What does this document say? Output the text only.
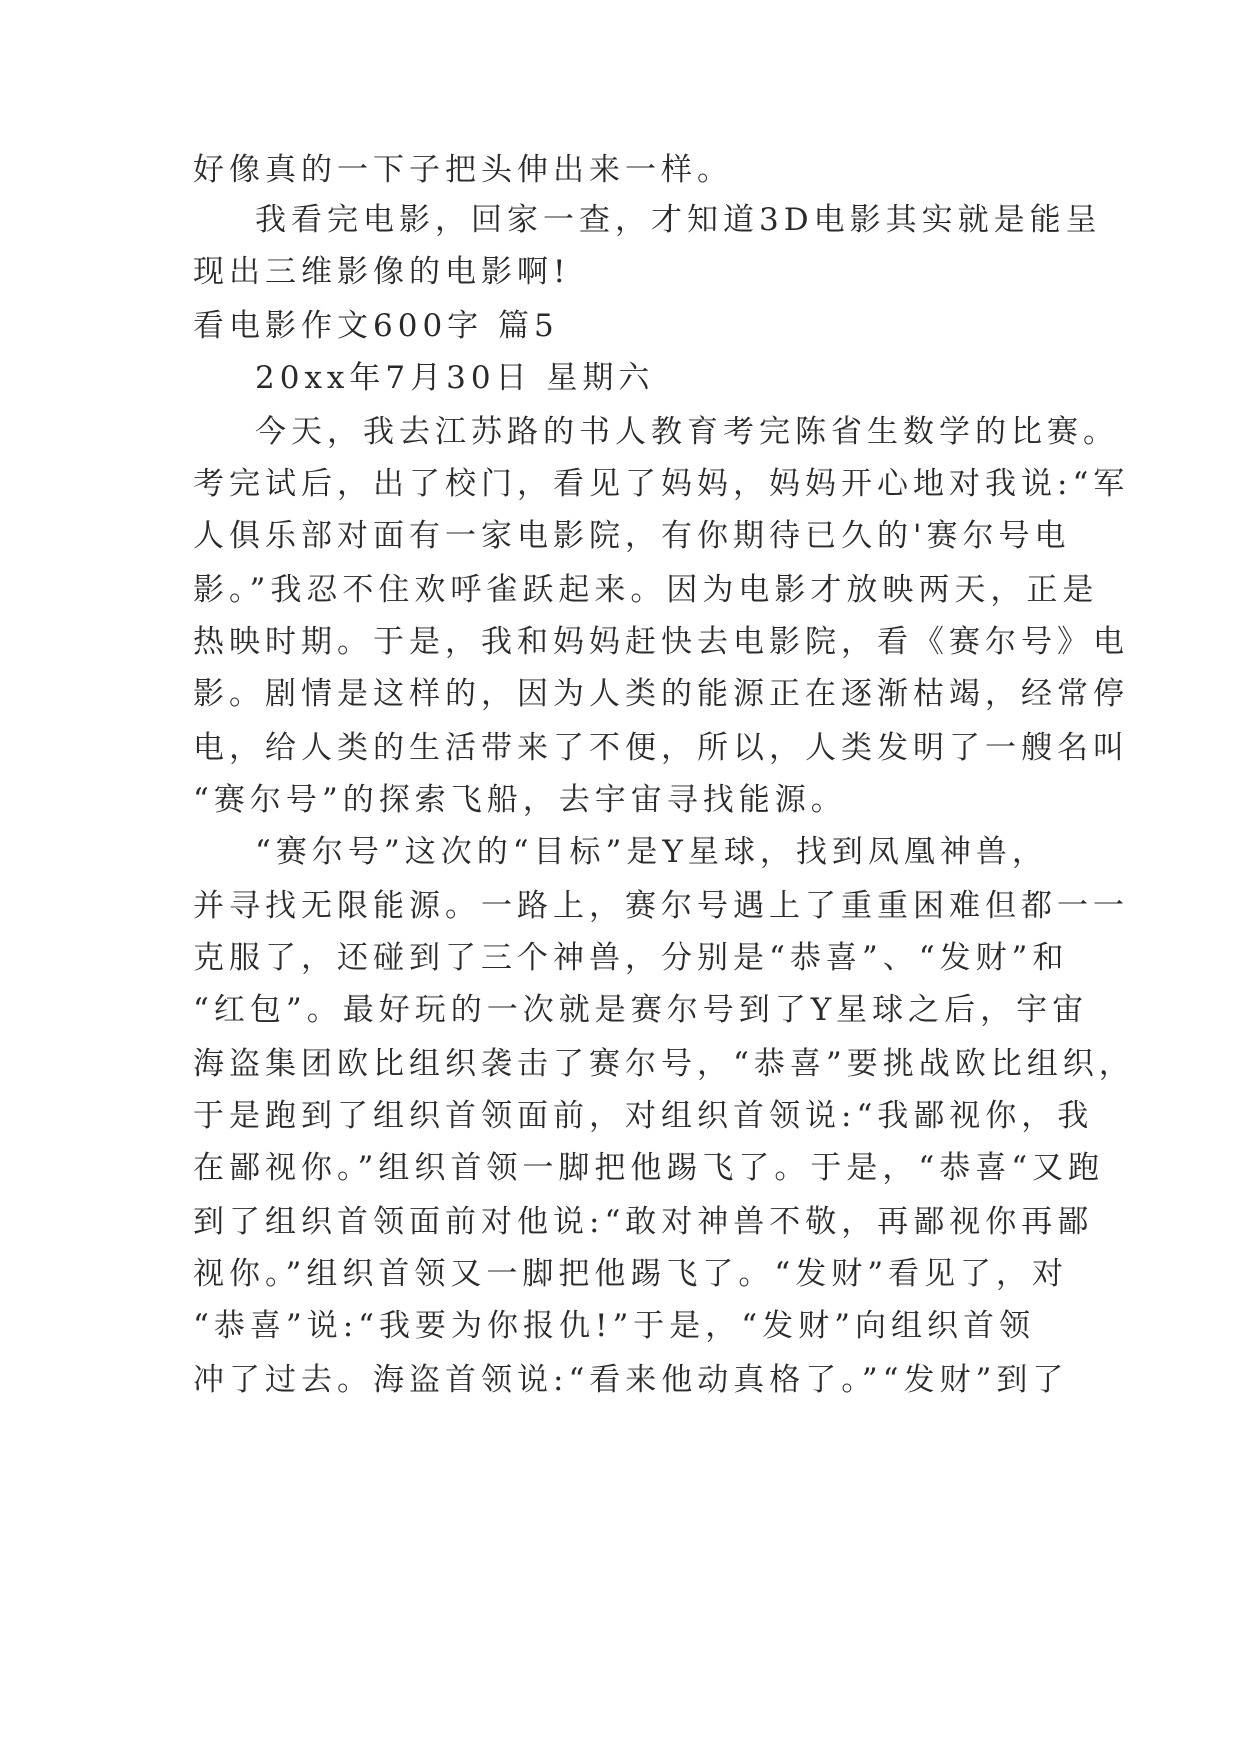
好像真的一下子把头伸出来一样。
我看完电影，回家一查，才知道3D电影其实就是能呈
现出三维影像的电影啊!
看电影作文600字 篇5
20xx年7月30日 星期六
今天，我去江苏路的书人教育考完陈省生数学的比赛。
考完试后，出了校门，看见了妈妈，妈妈开心地对我说:“军
人俱乐部对面有一家电影院，有你期待已久的'赛尔号电
影。”我忍不住欢呼雀跃起来。因为电影才放映两天，正是
热映时期。于是，我和妈妈赶快去电影院，看《赛尔号》电
影。剧情是这样的，因为人类的能源正在逐渐枯竭，经常停
电，给人类的生活带来了不便，所以，人类发明了一艘名叫
“赛尔号”的探索飞船，去宇宙寻找能源。
“赛尔号”这次的“目标”是Y星球，找到凤凰神兽，
并寻找无限能源。一路上，赛尔号遇上了重重困难但都一一
克服了，还碰到了三个神兽，分别是“恭喜”、“发财”和
“红包”。最好玩的一次就是赛尔号到了Y星球之后，宇宙
海盗集团欧比组织袭击了赛尔号，“恭喜”要挑战欧比组织，
于是跑到了组织首领面前，对组织首领说:“我鄙视你，我
在鄙视你。”组织首领一脚把他踢飞了。于是，“恭喜“又跑
到了组织首领面前对他说:“敢对神兽不敬，再鄙视你再鄙
视你。”组织首领又一脚把他踢飞了。“发财”看见了，对
“恭喜”说:“我要为你报仇!”于是，“发财”向组织首领
冲了过去。海盗首领说:“看来他动真格了。”“发财”到了
